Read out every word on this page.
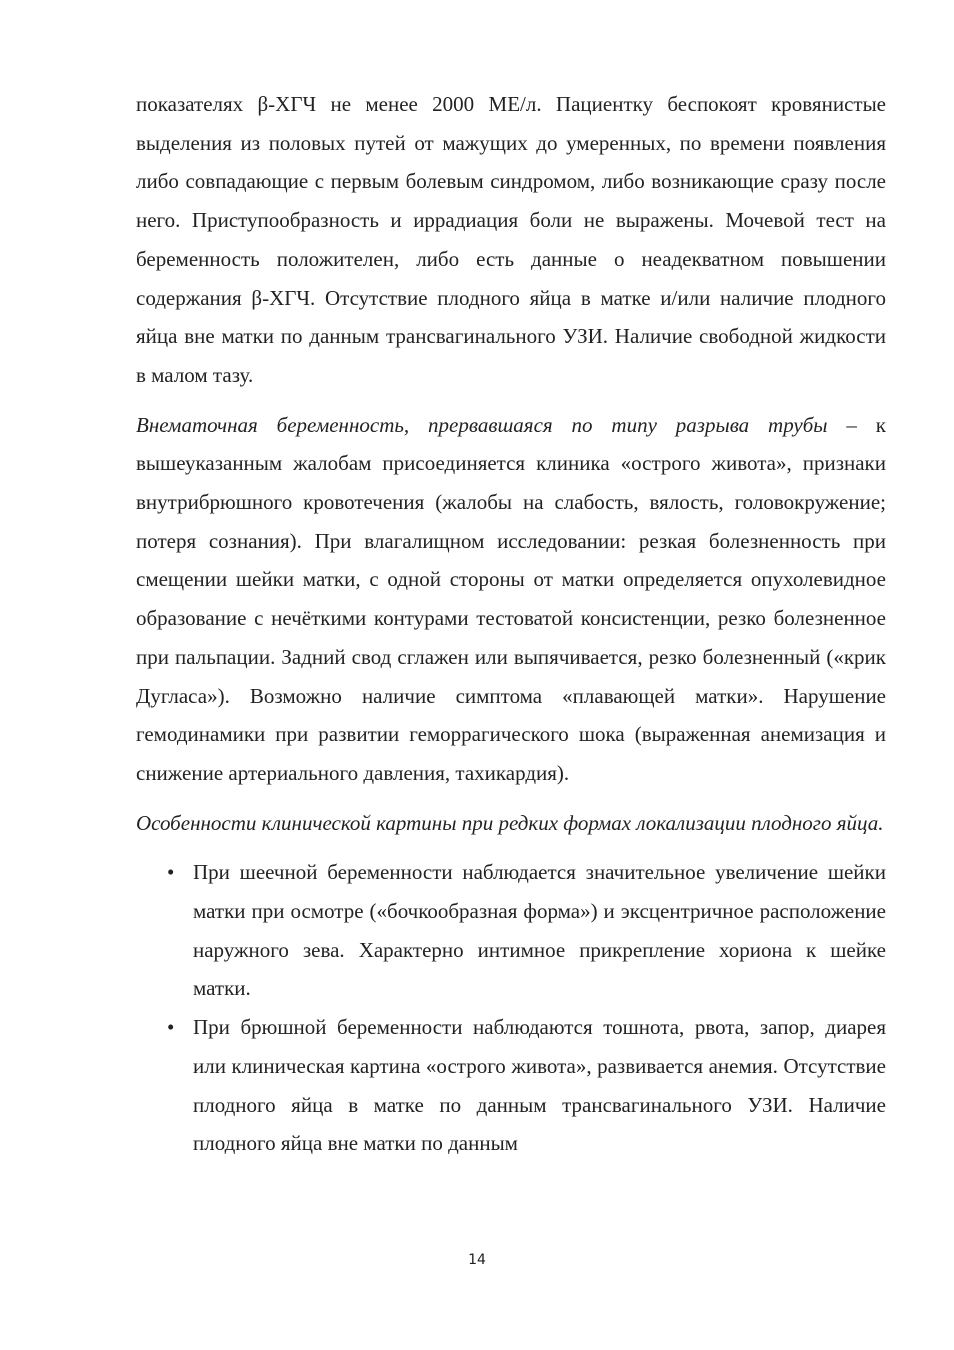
показателях β-ХГЧ не менее 2000 МЕ/л. Пациентку беспокоят кровянистые выделения из половых путей от мажущих до умеренных, по времени появления либо совпадающие с первым болевым синдромом, либо возникающие сразу после него. Приступообразность и иррадиация боли не выражены. Мочевой тест на беременность положителен, либо есть данные о неадекватном повышении содержания β-ХГЧ. Отсутствие плодного яйца в матке и/или наличие плодного яйца вне матки по данным трансвагинального УЗИ. Наличие свободной жидкости в малом тазу.

Внематочная беременность, прервавшаяся по типу разрыва трубы – к вышеуказанным жалобам присоединяется клиника «острого живота», признаки внутрибрюшного кровотечения (жалобы на слабость, вялость, головокружение; потеря сознания). При влагалищном исследовании: резкая болезненность при смещении шейки матки, с одной стороны от матки определяется опухолевидное образование с нечёткими контурами тестоватой консистенции, резко болезненное при пальпации. Задний свод сглажен или выпячивается, резко болезненный («крик Дугласа»). Возможно наличие симптома «плавающей матки». Нарушение гемодинамики при развитии геморрагического шока (выраженная анемизация и снижение артериального давления, тахикардия).

Особенности клинической картины при редких формах локализации плодного яйца.

• При шеечной беременности наблюдается значительное увеличение шейки матки при осмотре («бочкообразная форма») и эксцентричное расположение наружного зева. Характерно интимное прикрепление хориона к шейке матки.
• При брюшной беременности наблюдаются тошнота, рвота, запор, диарея или клиническая картина «острого живота», развивается анемия. Отсутствие плодного яйца в матке по данным трансвагинального УЗИ. Наличие плодного яйца вне матки по данным
14
